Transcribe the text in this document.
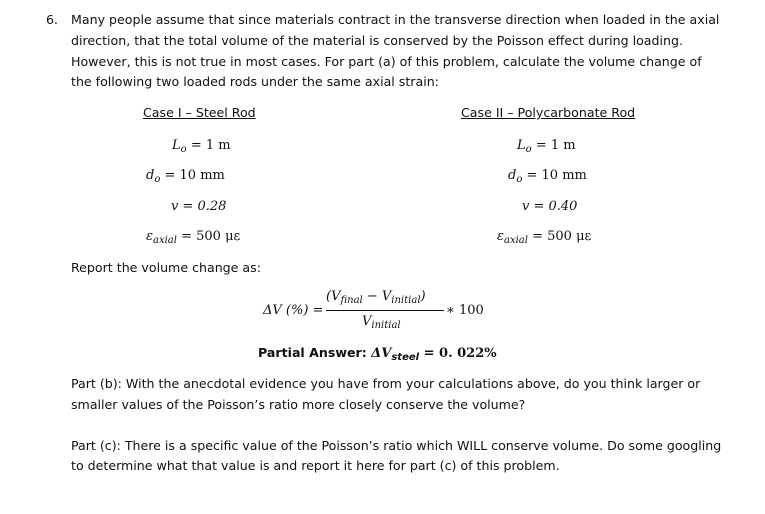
6. Many people assume that since materials contract in the transverse direction when loaded in the axial
direction, that the total volume of the material is conserved by the Poisson effect during loading.
However, this is not true in most cases. For part (a) of this problem, calculate the volume change of
the following two loaded rods under the same axial strain:
Case I – Steel Rod	Case II – Polycarbonate Rod
$L_o = 1$ m
$d_o = 10$ mm
v = 0.28
$\varepsilon_{axial} = 500$ με
$L_o = 1$ m
$d_o = 10$ mm
v = 0.40
$\varepsilon_{axial} = 500$ με
Report the volume change as:
ΔV (%) =
$(V_{final} - V_{initial})$
$V_{initial}$
∗ 100
Partial Answer: $\Delta V_{steel} = 0$. 022%
Part (b): With the anecdotal evidence you have from your calculations above, do you think larger or
smaller values of the Poisson’s ratio more closely conserve the volume?
Part (c): There is a specific value of the Poisson’s ratio which WILL conserve volume. Do some googling
to determine what that value is and report it here for part (c) of this problem.
